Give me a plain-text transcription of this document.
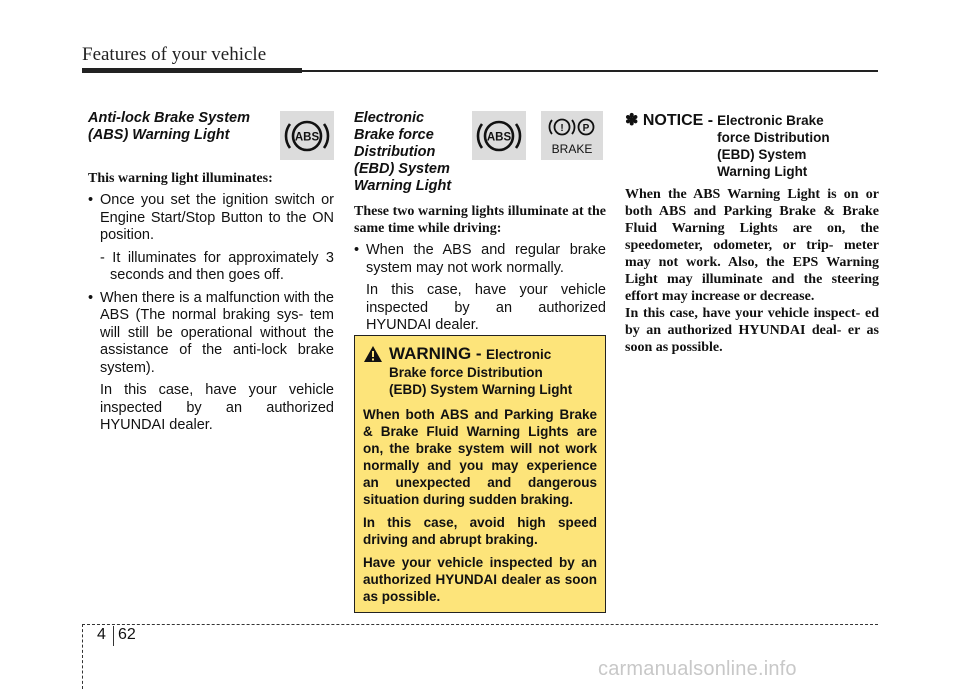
Features of your vehicle
ABS
Anti-lock Brake System
(ABS) Warning Light
This warning light illuminates:
• Once you set the ignition switch or Engine Start/Stop Button to the ON position.
- It illuminates for approximately 3 seconds and then goes off.
• When there is a malfunction with the ABS (The normal braking sys- tem will still be operational without the assistance of the anti-lock brake system).
In this case, have your vehicle inspected by an authorized HYUNDAI dealer.
ABS
! P
BRAKE
Electronic
Brake force
Distribution
(EBD) System
Warning Light
These two warning lights illuminate at the same time while driving:
• When the ABS and regular brake system may not work normally.
In this case, have your vehicle inspected by an authorized HYUNDAI dealer.
WARNING - Electronic
Brake force Distribution
(EBD) System Warning Light

When both ABS and Parking Brake & Brake Fluid Warning Lights are on, the brake system will not work normally and you may experience an unexpected and dangerous situation during sudden braking.

In this case, avoid high speed driving and abrupt braking.

Have your vehicle inspected by an authorized HYUNDAI dealer as soon as possible.

✽ NOTICE - Electronic Brake
force Distribution
(EBD) System
Warning Light
When the ABS Warning Light is on or both ABS and Parking Brake & Brake Fluid Warning Lights are on, the speedometer, odometer, or trip- meter may not work. Also, the EPS Warning Light may illuminate and the steering effort may increase or decrease.
In this case, have your vehicle inspect- ed by an authorized HYUNDAI deal- er as soon as possible.
4 62
carmanualsonline.info
